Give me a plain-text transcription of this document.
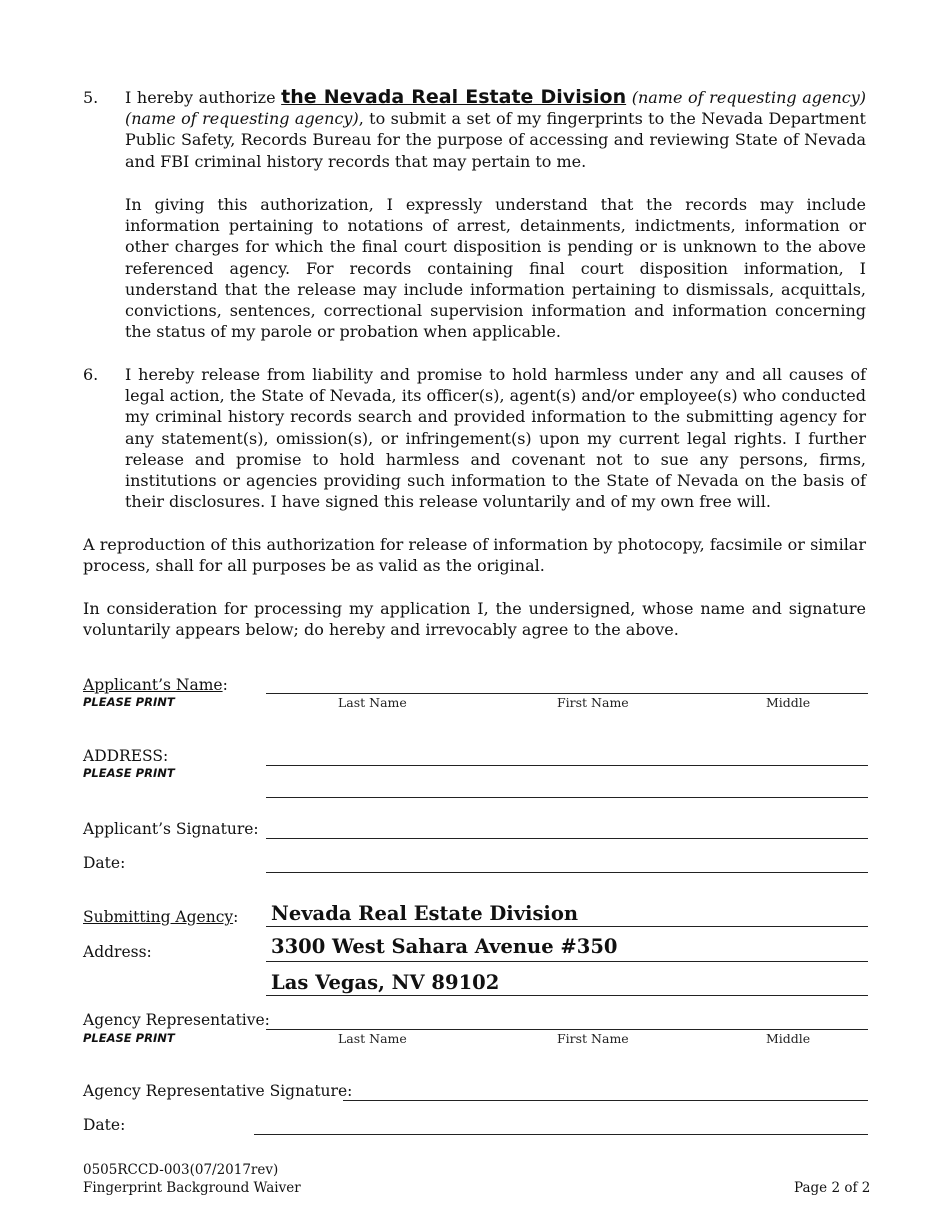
5. I hereby authorize the Nevada Real Estate Division (name of requesting agency) (name of requesting agency), to submit a set of my fingerprints to the Nevada Department Public Safety, Records Bureau for the purpose of accessing and reviewing State of Nevada and FBI criminal history records that may pertain to me.
In giving this authorization, I expressly understand that the records may include information pertaining to notations of arrest, detainments, indictments, information or other charges for which the final court disposition is pending or is unknown to the above referenced agency. For records containing final court disposition information, I understand that the release may include information pertaining to dismissals, acquittals, convictions, sentences, correctional supervision information and information concerning the status of my parole or probation when applicable.
6. I hereby release from liability and promise to hold harmless under any and all causes of legal action, the State of Nevada, its officer(s), agent(s) and/or employee(s) who conducted my criminal history records search and provided information to the submitting agency for any statement(s), omission(s), or infringement(s) upon my current legal rights. I further release and promise to hold harmless and covenant not to sue any persons, firms, institutions or agencies providing such information to the State of Nevada on the basis of their disclosures. I have signed this release voluntarily and of my own free will.
A reproduction of this authorization for release of information by photocopy, facsimile or similar process, shall for all purposes be as valid as the original.
In consideration for processing my application I, the undersigned, whose name and signature voluntarily appears below; do hereby and irrevocably agree to the above.
Applicant’s Name:
PLEASE PRINT	Last Name	First Name	Middle
ADDRESS:
PLEASE PRINT
Applicant’s Signature:
Date:
Submitting Agency: Nevada Real Estate Division
Address:	3300 West Sahara Avenue #350
Las Vegas, NV 89102
Agency Representative:
PLEASE PRINT	Last Name	First Name	Middle
Agency Representative Signature:
Date:
0505RCCD-003(07/2017rev)
Fingerprint Background Waiver	Page 2 of 2
